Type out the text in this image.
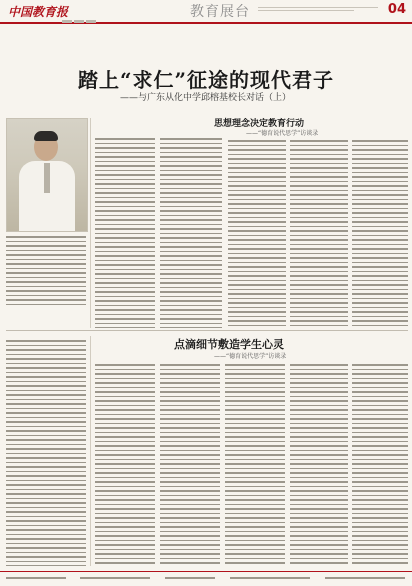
中国教育报	教育展台	04
踏上“求仁”征途的现代君子
——与广东从化中学邱榕基校长对话（上）
思想理念决定教育行动
——“德育说代思学”访谈录
点滴细节敷造学生心灵
——“德育说代思学”访谈录
